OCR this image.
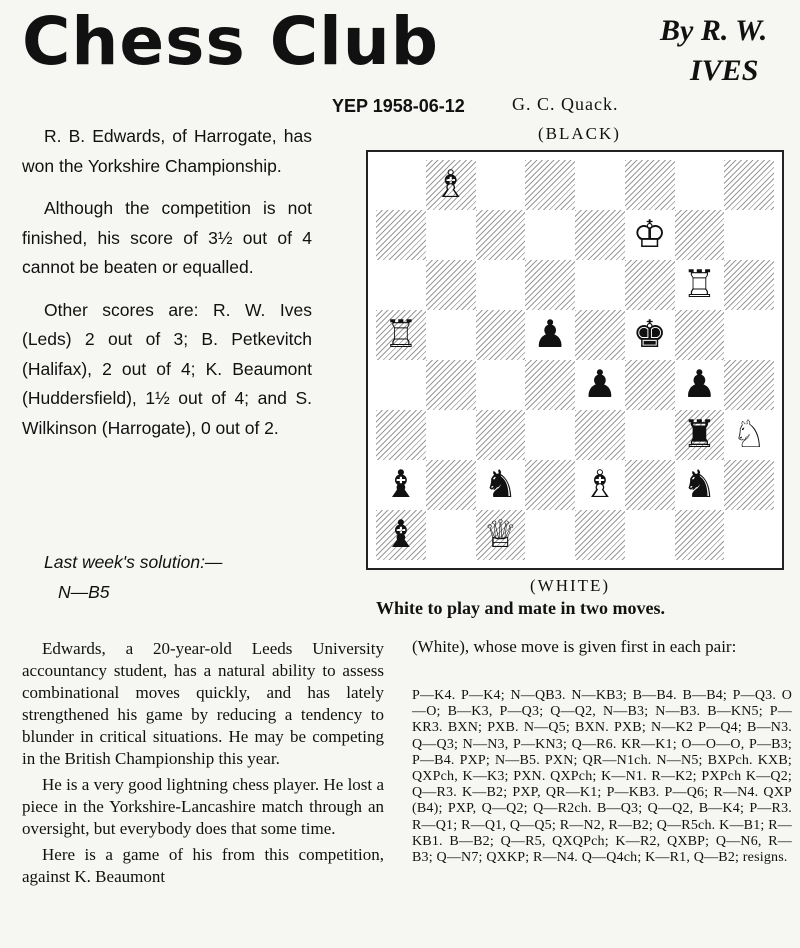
Chess Club	By R. W.
IVES
YEP 1958-06-12	G. C. Quack.
(BLACK)

R. B. Edwards, of Harrogate, has won the Yorkshire Championship.

Although the competition is not finished, his score of 3½ out of 4 cannot be beaten or equalled.

Other scores are: R. W. Ives (Leds) 2 out of 3; B. Petkevitch (Halifax), 2 out of 4; K. Beaumont (Huddersfield), 1½ out of 4; and S. Wilkinson (Harrogate), 0 out of 2.

Last week's solution:—
N—B5
♗
♔
♖
♖	♟ ♚
♟ ♟
♜ ♘
♝ ♞ ♗ ♞
♝ ♕
(WHITE)
White to play and mate in two moves.

Edwards, a 20-year-old Leeds University accountancy student, has a natural ability to assess combinational moves quickly, and has lately strengthened his game by reducing a tendency to blunder in critical situations. He may be competing in the British Championship this year.

He is a very good lightning chess player. He lost a piece in the Yorkshire-Lancashire match through an oversight, but everybody does that some time.

Here is a game of his from this competition, against K. Beaumont

(White), whose move is given first in each pair:
P—K4. P—K4; N—QB3. N—KB3; B—B4. B—B4; P—Q3. O—O; B—K3, P—Q3; Q—Q2, N—B3; N—B3. B—KN5; P—KR3. BXN; PXB. N—Q5; BXN. PXB; N—K2 P—Q4; B—N3. Q—Q3; N—N3, P—KN3; Q—R6. KR—K1; O—O—O, P—B3; P—B4. PXP; N—B5. PXN; QR—N1ch. N—N5; BXPch. KXB; QXPch, K—K3; PXN. QXPch; K—N1. R—K2; PXPch K—Q2; Q—R3. K—B2; PXP, QR—K1; P—KB3. P—Q6; R—N4. QXP (B4); PXP, Q—Q2; Q—R2ch. B—Q3; Q—Q2, B—K4; P—R3. R—Q1; R—Q1, Q—Q5; R—N2, R—B2; Q—R5ch. K—B1; R—KB1. B—B2; Q—R5, QXQPch; K—R2, QXBP; Q—N6, R—B3; Q—N7; QXKP; R—N4. Q—Q4ch; K—R1, Q—B2; resigns.
